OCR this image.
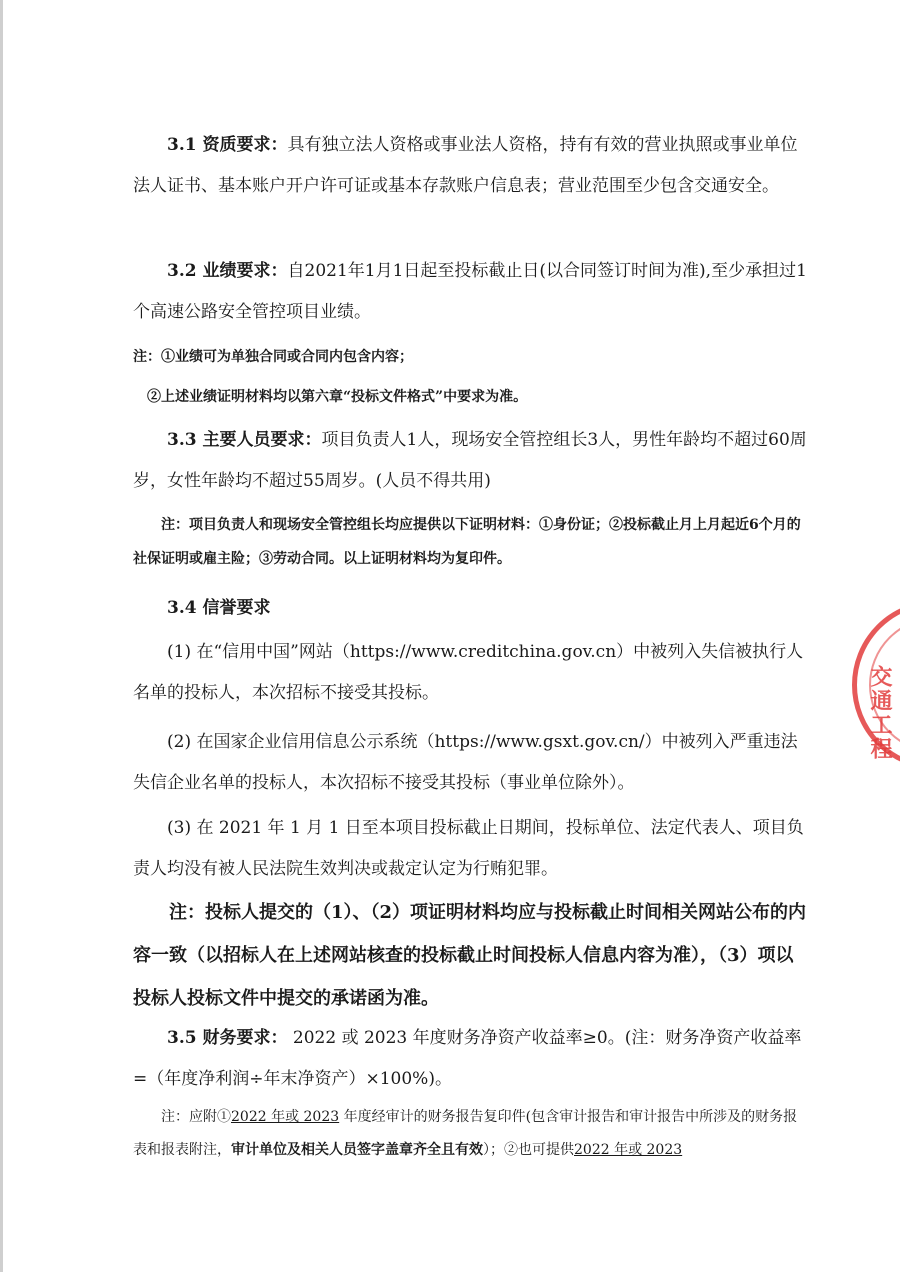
3.1 资质要求：具有独立法人资格或事业法人资格，持有有效的营业执照或事业单位法人证书、基本账户开户许可证或基本存款账户信息表；营业范围至少包含交通安全。

3.2 业绩要求：自2021年1月1日起至投标截止日(以合同签订时间为准),至少承担过1个高速公路安全管控项目业绩。

注：①业绩可为单独合同或合同内包含内容；

②上述业绩证明材料均以第六章“投标文件格式”中要求为准。

3.3 主要人员要求：项目负责人1人，现场安全管控组长3人，男性年龄均不超过60周岁，女性年龄均不超过55周岁。(人员不得共用)

注：项目负责人和现场安全管控组长均应提供以下证明材料：①身份证；②投标截止月上月起近6个月的社保证明或雇主险；③劳动合同。以上证明材料均为复印件。

3.4 信誉要求

(1) 在“信用中国”网站（https://www.creditchina.gov.cn）中被列入失信被执行人名单的投标人，本次招标不接受其投标。

(2) 在国家企业信用信息公示系统（https://www.gsxt.gov.cn/）中被列入严重违法失信企业名单的投标人，本次招标不接受其投标（事业单位除外）。

(3) 在 2021 年 1 月 1 日至本项目投标截止日期间，投标单位、法定代表人、项目负责人均没有被人民法院生效判决或裁定认定为行贿犯罪。

注：投标人提交的（1）、（2）项证明材料均应与投标截止时间相关网站公布的内容一致（以招标人在上述网站核查的投标截止时间投标人信息内容为准），（3）项以投标人投标文件中提交的承诺函为准。

3.5 财务要求： 2022 或 2023 年度财务净资产收益率≥0。(注：财务净资产收益率=（年度净利润÷年末净资产）×100%)。

注：应附①2022 年或 2023 年度经审计的财务报告复印件(包含审计报告和审计报告中所涉及的财务报表和报表附注，审计单位及相关人员签字盖章齐全且有效）；②也可提供2022 年或 2023

交通工程
